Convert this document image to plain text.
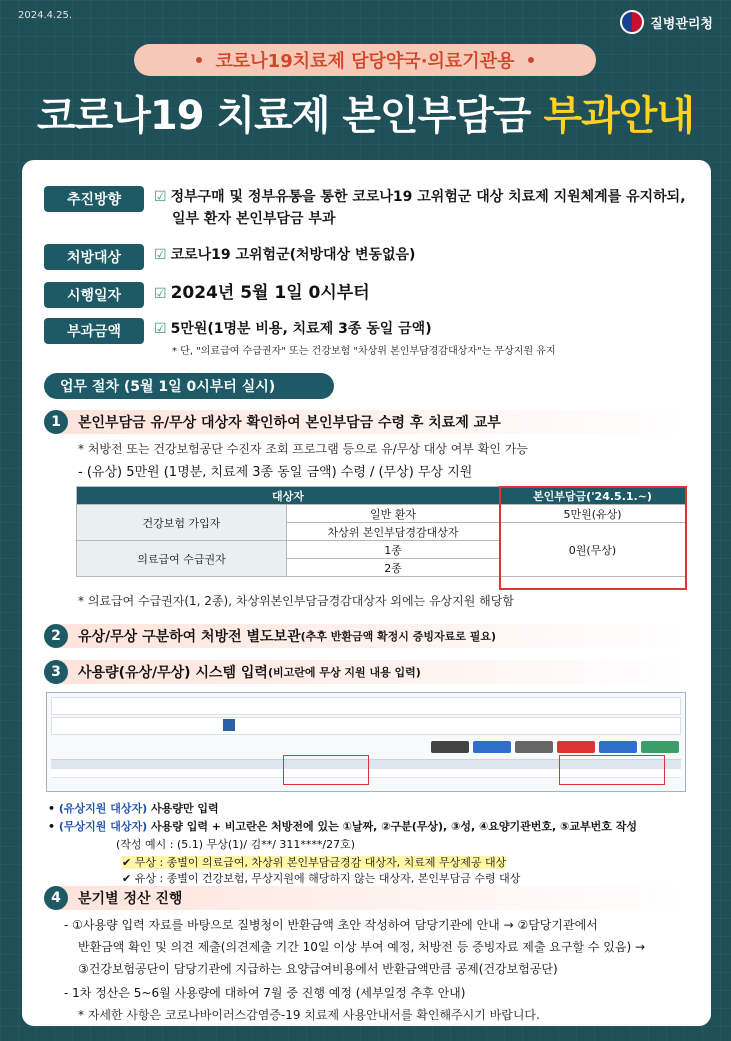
2024.4.25.
질병관리청
코로나19치료제 담당약국·의료기관용
코로나19 치료제 본인부담금 부과안내
추진방향	☑ 정부구매 및 정부유통을 통한 코로나19 고위험군 대상 치료제 지원체계를 유지하되,
일부 환자 본인부담금 부과
처방대상	☑ 코로나19 고위험군(처방대상 변동없음)
시행일자	☑ 2024년 5월 1일 0시부터
부과금액	☑ 5만원(1명분 비용, 치료제 3종 동일 금액)
* 단, "의료급여 수급권자" 또는 건강보험 "차상위 본인부담경감대상자"는 무상지원 유지
업무 절차 (5월 1일 0시부터 실시)
1	본인부담금 유/무상 대상자 확인하여 본인부담금 수령 후 치료제 교부
* 처방전 또는 건강보험공단 수진자 조회 프로그램 등으로 유/무상 대상 여부 확인 가능
- (유상) 5만원 (1명분, 치료제 3종 동일 금액) 수령 / (무상) 무상 지원
대상자		본인부담금('24.5.1.~)
건강보험 가입자	일반 환자	5만원(유상)
	차상위 본인부담경감대상자	0원(무상)
의료급여 수급권자	1종	
	2종	
* 의료급여 수급권자(1, 2종), 차상위본인부담금경감대상자 외에는 유상지원 해당함
2	유상/무상 구분하여 처방전 별도보관 (추후 반환금액 확정시 증빙자료로 필요)
3	사용량(유상/무상) 시스템 입력 (비고란에 무상 지원 내용 입력)
• (유상지원 대상자) 사용량만 입력
• (무상지원 대상자) 사용량 입력 + 비고란은 처방전에 있는 ①날짜, ②구분(무상), ③성, ④요양기관번호, ⑤교부번호 작성
(작성 예시 : (5.1) 무상(1)/ 김**/ 311****/27호)
✔ 무상 : 종별이 의료급여, 차상위 본인부담금경감 대상자, 치료제 무상제공 대상
✔ 유상 : 종별이 건강보험, 무상지원에 해당하지 않는 대상자, 본인부담금 수령 대상
4	분기별 정산 진행
- ①사용량 입력 자료를 바탕으로 질병청이 반환금액 초안 작성하여 담당기관에 안내 → ②담당기관에서
반환금액 확인 및 의견 제출(의견제출 기간 10일 이상 부여 예정, 처방전 등 증빙자료 제출 요구할 수 있음) →
③건강보험공단이 담당기관에 지급하는 요양급여비용에서 반환금액만큼 공제(건강보험공단)
- 1차 정산은 5~6월 사용량에 대하여 7월 중 진행 예정 (세부일정 추후 안내)
* 자세한 사항은 코로나바이러스감염증-19 치료제 사용안내서를 확인해주시기 바랍니다.
